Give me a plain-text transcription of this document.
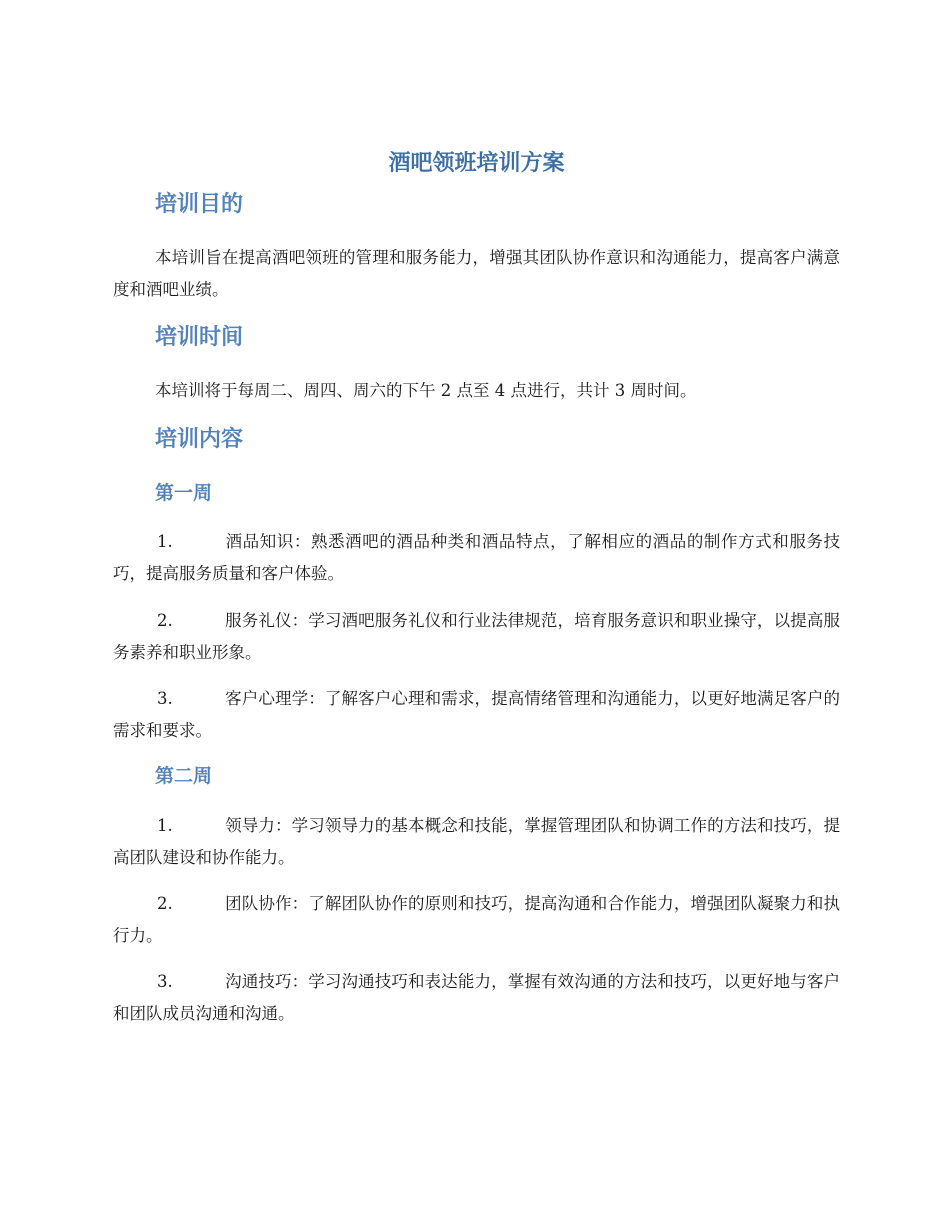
酒吧领班培训方案
培训目的

本培训旨在提高酒吧领班的管理和服务能力，增强其团队协作意识和沟通能力，提高客户满意度和酒吧业绩。

培训时间

本培训将于每周二、周四、周六的下午 2 点至 4 点进行，共计 3 周时间。

培训内容
第一周

1.	酒品知识：熟悉酒吧的酒品种类和酒品特点，了解相应的酒品的制作方式和服务技巧，提高服务质量和客户体验。

2.	服务礼仪：学习酒吧服务礼仪和行业法律规范，培育服务意识和职业操守，以提高服务素养和职业形象。

3.	客户心理学：了解客户心理和需求，提高情绪管理和沟通能力，以更好地满足客户的需求和要求。

第二周

1.	领导力：学习领导力的基本概念和技能，掌握管理团队和协调工作的方法和技巧，提高团队建设和协作能力。

2.	团队协作：了解团队协作的原则和技巧，提高沟通和合作能力，增强团队凝聚力和执行力。

3.	沟通技巧：学习沟通技巧和表达能力，掌握有效沟通的方法和技巧，以更好地与客户和团队成员沟通和沟通。
